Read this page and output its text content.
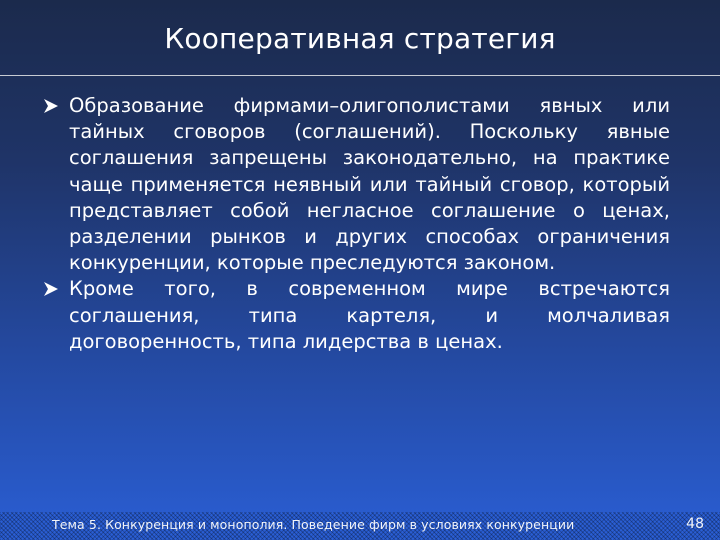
Кооперативная стратегия
Образование фирмами–олигополистами явных или тайных сговоров (соглашений). Поскольку явные соглашения запрещены законодательно, на практике чаще применяется неявный или тайный сговор, который представляет собой негласное соглашение о ценах, разделении рынков и других способах ограничения конкуренции, которые преследуются законом.
Кроме того, в современном мире встречаются соглашения, типа картеля, и молчаливая договоренность, типа лидерства в ценах.
Тема 5. Конкуренция и монополия. Поведение фирм в условиях конкуренции	48
